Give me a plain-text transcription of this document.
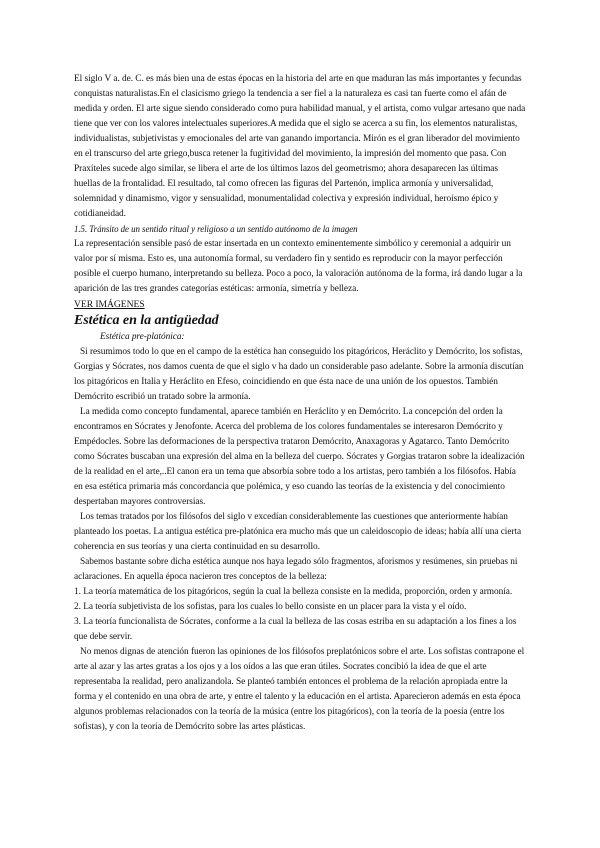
El siglo V a. de. C. es más bien una de estas épocas en la historia del arte en que maduran las más importantes y fecundas conquistas naturalistas.En el clasicismo griego la tendencia a ser fiel a la naturaleza es casi tan fuerte como el afán de medida y orden. El arte sigue siendo considerado como pura habilidad manual, y el artista, como vulgar artesano que nada tiene que ver con los valores intelectuales superiores.A medida que el siglo se acerca a su fin, los elementos naturalistas, individualistas, subjetivistas y emocionales del arte van ganando importancia. Mirón es el gran liberador del movimiento en el transcurso del arte griego,busca retener la fugitividad del movimiento, la impresión del momento que pasa. Con Praxíteles sucede algo similar, se libera el arte de los últimos lazos del geometrismo; ahora desaparecen las últimas huellas de la frontalidad. El resultado, tal como ofrecen las figuras del Partenón, implica armonía y universalidad, solemnidad y dinamismo, vigor y sensualidad, monumentalidad colectiva y expresión individual, heroísmo épico y cotidianeidad.

1.5. Tránsito de un sentido ritual y religioso a un sentido autónomo de la imagen

La representación sensible pasó de estar insertada en un contexto eminentemente simbólico y ceremonial a adquirir un valor por sí misma. Esto es, una autonomía formal, su verdadero fin y sentido es reproducir con la mayor perfección posible el cuerpo humano, interpretando su belleza. Poco a poco, la valoración autónoma de la forma, irá dando lugar a la aparición de las tres grandes categorías estéticas: armonía, simetría y belleza.

VER IMÁGENES

Estética en la antigüedad

Estética pre-platónica:

Si resumimos todo lo que en el campo de la estética han conseguido los pitagóricos, Heráclito y Demócrito, los sofistas, Gorgias y Sócrates, nos damos cuenta de que el siglo v ha dado un considerable paso adelante. Sobre la armonía discutían los pitagóricos en Italia y Heráclito en Efeso, coincidiendo en que ésta nace de una unión de los opuestos. También Demócrito escribió un tratado sobre la armonía.

La medida como concepto fundamental, aparece también en Heráclito y en Demócrito. La concepción del orden la encontramos en Sócrates y Jenofonte. Acerca del problema de los colores fundamentales se interesaron Demócrito y Empédocles. Sobre las deformaciones de la perspectiva trataron Demócrito, Anaxagoras y Agatarco. Tanto Demócrito como Sócrates buscaban una expresión del alma en la belleza del cuerpo. Sócrates y Gorgias trataron sobre la idealización de la realidad en el arte,..El canon era un tema que absorbía sobre todo a los artistas, pero también a los filósofos. Había en esa estética primaria más concordancia que polémica, y eso cuando las teorías de la existencia y del conocimiento despertaban mayores controversias.

Los temas tratados por los filósofos del siglo v excedían considerablemente las cuestiones que anteriormente habían planteado los poetas. La antigua estética pre-platónica era mucho más que un caleidoscopio de ideas; había allí una cierta coherencia en sus teorías y una cierta continuidad en su desarrollo.

Sabemos bastante sobre dicha estética aunque nos haya legado sólo fragmentos, aforismos y resúmenes, sin pruebas ni aclaraciones. En aquella época nacieron tres conceptos de la belleza:

1. La teoría matemática de los pitagóricos, según la cual la belleza consiste en la medida, proporción, orden y armonía.

2. La teoría subjetivista de los sofistas, para los cuales lo bello consiste en un placer para la vista y el oído.

3. La teoría funcionalista de Sócrates, conforme a la cual la belleza de las cosas estriba en su adaptación a los fines a los que debe servir.

No menos dignas de atención fueron las opiniones de los filósofos preplatónicos sobre el arte. Los sofistas contrapone el arte al azar y las artes gratas a los ojos y a los oídos a las que eran útiles. Socrates concibió la idea de que el arte representaba la realidad, pero analizandola. Se planteó también entonces el problema de la relación apropiada entre la forma y el contenido en una obra de arte, y entre el talento y la educación en el artista. Aparecieron además en esta época algunos problemas relacionados con la teoría de la música (entre los pitagóricos), con la teoría de la poesía (entre los sofistas), y con la teoría de Demócrito sobre las artes plásticas.
